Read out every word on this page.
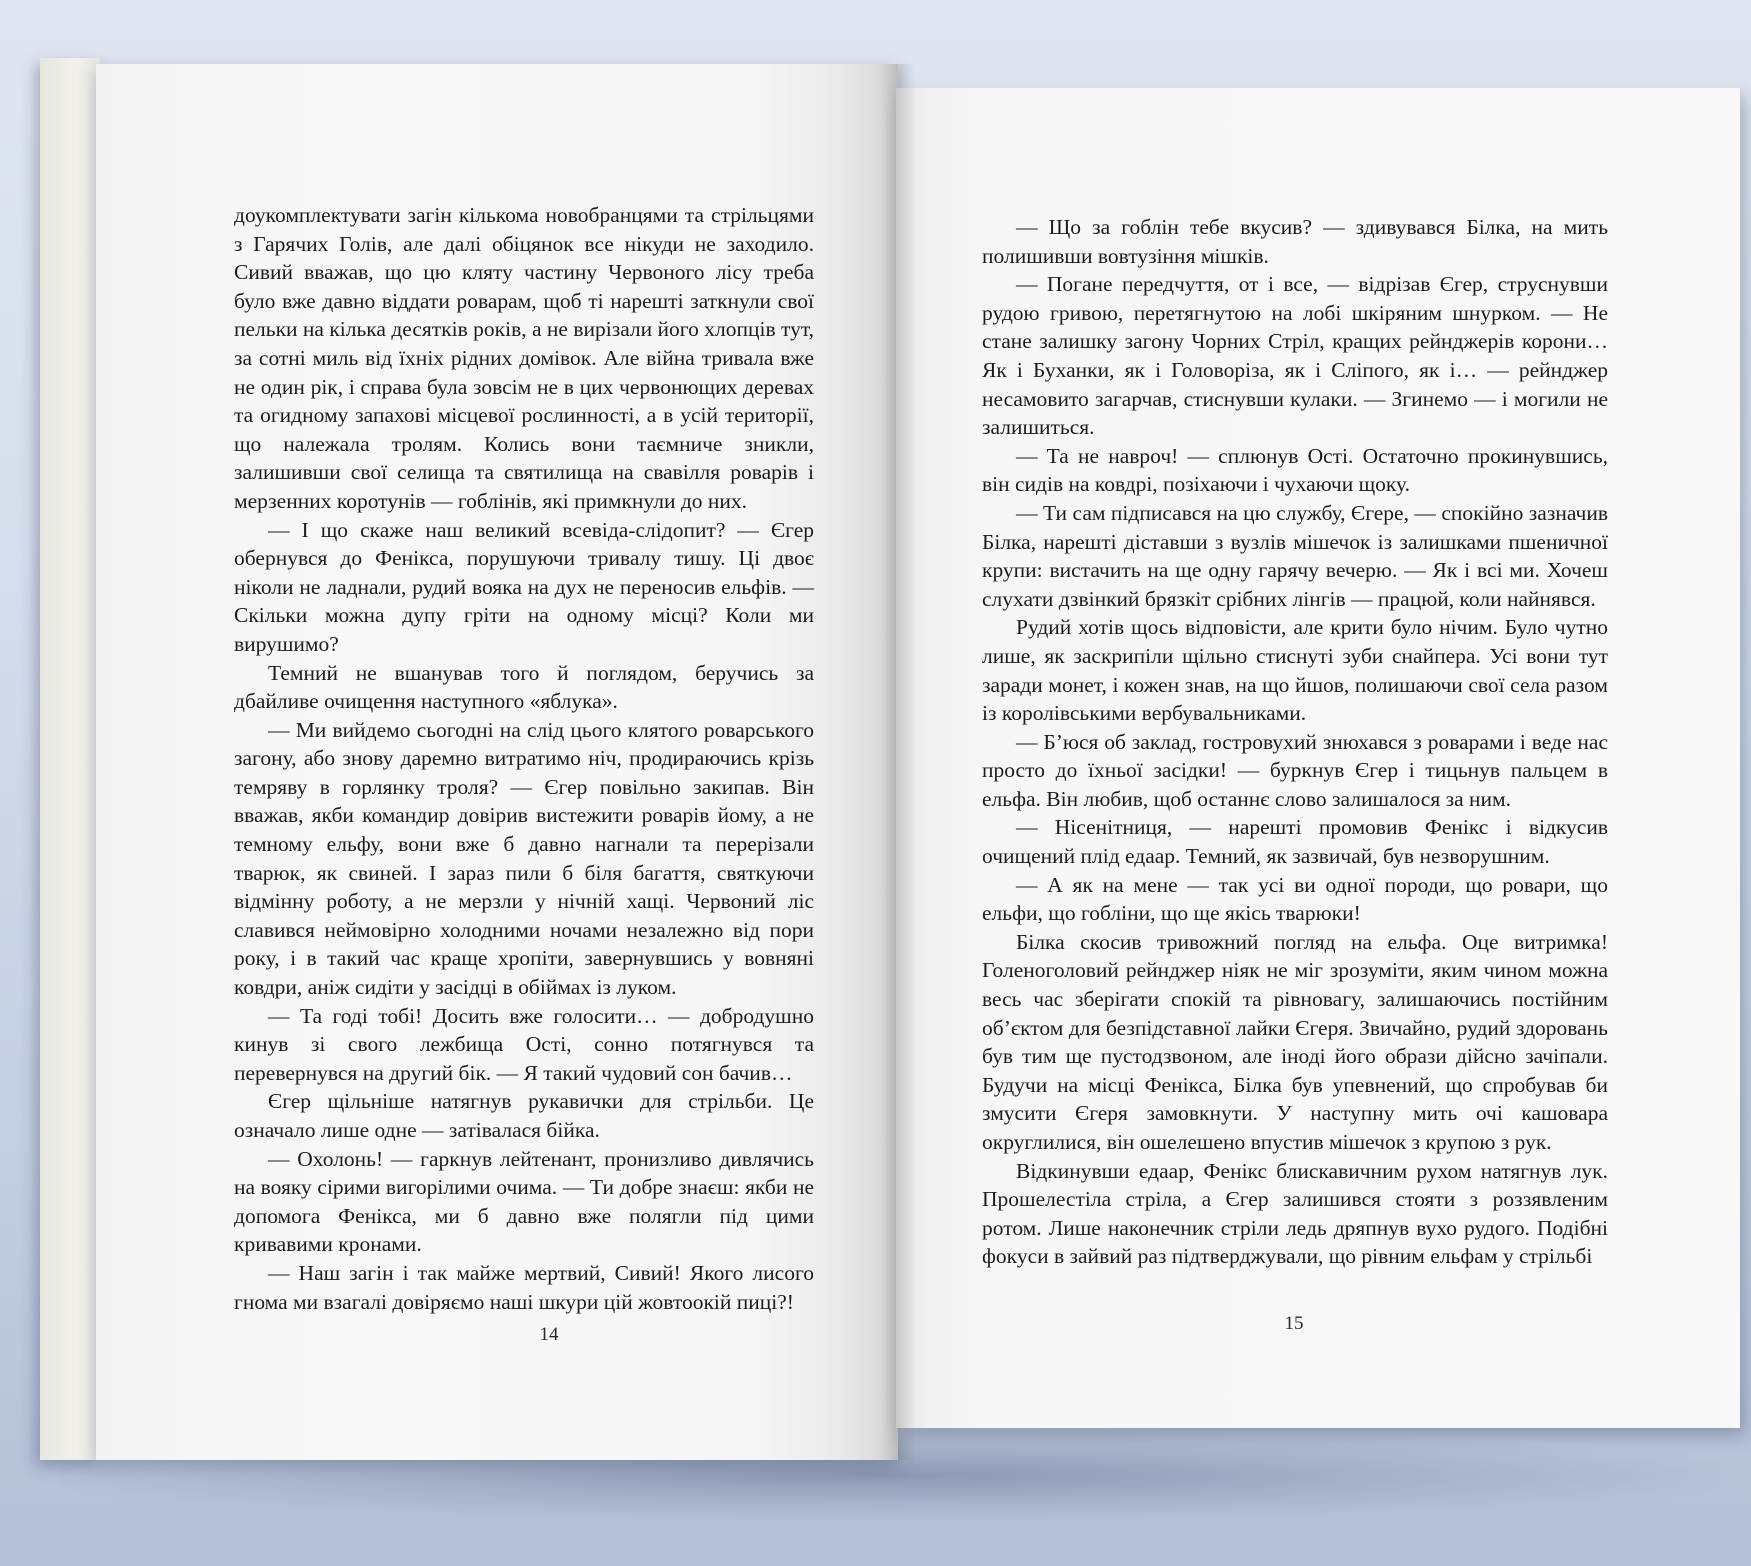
доукомплектувати загін кількома новобранцями та стрільцями з Гарячих Голів, але далі обіцянок все нікуди не заходило. Сивий вважав, що цю кляту частину Червоного лісу треба було вже давно віддати роварам, щоб ті нарешті заткнули свої пельки на кілька десятків років, а не вирізали його хлопців тут, за сотні миль від їхніх рідних домівок. Але війна тривала вже не один рік, і справа була зовсім не в цих червонющих деревах та огидному запахові місцевої рослинності, а в усій території, що належала тролям. Колись вони таємниче зникли, залишивши свої селища та святилища на свавілля роварів і мерзенних коротунів — гоблінів, які примкнули до них.

— І що скаже наш великий всевіда-слідопит? — Єгер обернувся до Фенікса, порушуючи тривалу тишу. Ці двоє ніколи не ладнали, рудий вояка на дух не переносив ельфів. — Скільки можна дупу гріти на одному місці? Коли ми вирушимо?

Темний не вшанував того й поглядом, беручись за дбайливе очищення наступного «яблука».

— Ми вийдемо сьогодні на слід цього клятого роварського загону, або знову даремно витратимо ніч, продираючись крізь темряву в горлянку троля? — Єгер повільно закипав. Він вважав, якби командир довірив вистежити роварів йому, а не темному ельфу, вони вже б давно нагнали та перерізали тварюк, як свиней. І зараз пили б біля багаття, святкуючи відмінну роботу, а не мерзли у нічній хащі. Червоний ліс славився неймовірно холодними ночами незалежно від пори року, і в такий час краще хропіти, завернувшись у вовняні ковдри, аніж сидіти у засідці в обіймах із луком.

— Та годі тобі! Досить вже голосити… — добродушно кинув зі свого лежбища Ості, сонно потягнувся та перевернувся на другий бік. — Я такий чудовий сон бачив…

Єгер щільніше натягнув рукавички для стрільби. Це означало лише одне — затівалася бійка.

— Охолонь! — гаркнув лейтенант, пронизливо дивлячись на вояку сірими вигорілими очима. — Ти добре знаєш: якби не допомога Фенікса, ми б давно вже полягли під цими кривавими кронами.

— Наш загін і так майже мертвий, Сивий! Якого лисого гнома ми взагалі довіряємо наші шкури цій жовтоокій пиці?!

14

— Що за гоблін тебе вкусив? — здивувався Білка, на мить полишивши вовтузіння мішків.

— Погане передчуття, от і все, — відрізав Єгер, струснувши рудою гривою, перетягнутою на лобі шкіряним шнурком. — Не стане залишку загону Чорних Стріл, кращих рейнджерів корони… Як і Буханки, як і Головоріза, як і Сліпого, як і… — рейнджер несамовито загарчав, стиснувши кулаки. — Згинемо — і могили не залишиться.

— Та не навроч! — сплюнув Ості. Остаточно прокинувшись, він сидів на ковдрі, позіхаючи і чухаючи щоку.

— Ти сам підписався на цю службу, Єгере, — спокійно зазначив Білка, нарешті діставши з вузлів мішечок із залишками пшеничної крупи: вистачить на ще одну гарячу вечерю. — Як і всі ми. Хочеш слухати дзвінкий брязкіт срібних лінгів — працюй, коли найнявся.

Рудий хотів щось відповісти, але крити було нічим. Було чутно лише, як заскрипіли щільно стиснуті зуби снайпера. Усі вони тут заради монет, і кожен знав, на що йшов, полишаючи свої села разом із королівськими вербувальниками.

— Б’юся об заклад, гостровухий знюхався з роварами і веде нас просто до їхньої засідки! — буркнув Єгер і тицьнув пальцем в ельфа. Він любив, щоб останнє слово залишалося за ним.

— Нісенітниця, — нарешті промовив Фенікс і відкусив очищений плід едаар. Темний, як зазвичай, був незворушним.

— А як на мене — так усі ви одної породи, що ровари, що ельфи, що гобліни, що ще якісь тварюки!

Білка скосив тривожний погляд на ельфа. Оце витримка! Голеноголовий рейнджер ніяк не міг зрозуміти, яким чином можна весь час зберігати спокій та рівновагу, залишаючись постійним об’єктом для безпідставної лайки Єгеря. Звичайно, рудий здоровань був тим ще пустодзвоном, але іноді його образи дійсно зачіпали. Будучи на місці Фенікса, Білка був упевнений, що спробував би змусити Єгеря замовкнути. У наступну мить очі кашовара округлилися, він ошелешено впустив мішечок з крупою з рук.

Відкинувши едаар, Фенікс блискавичним рухом натягнув лук. Прошелестіла стріла, а Єгер залишився стояти з роззявленим ротом. Лише наконечник стріли ледь дряпнув вухо рудого. Подібні фокуси в зайвий раз підтверджували, що рівним ельфам у стрільбі

15
